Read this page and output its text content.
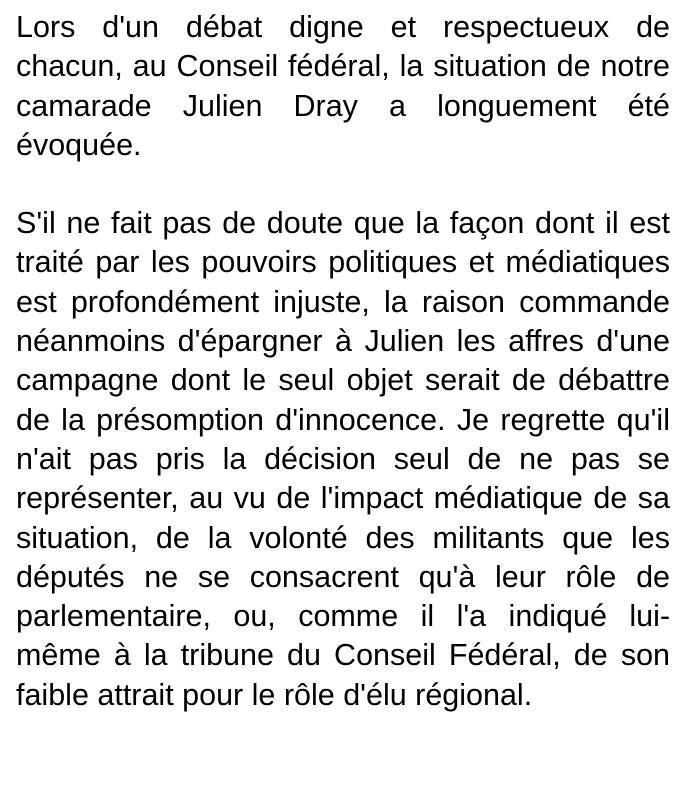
Lors d'un débat digne et respectueux de chacun, au Conseil fédéral, la situation de notre camarade Julien Dray a longuement été évoquée.

S'il ne fait pas de doute que la façon dont il est traité par les pouvoirs politiques et médiatiques est profondément injuste, la raison commande néanmoins d'épargner à Julien les affres d'une campagne dont le seul objet serait de débattre de la présomption d'innocence. Je regrette qu'il n'ait pas pris la décision seul de ne pas se représenter, au vu de l'impact médiatique de sa situation, de la volonté des militants que les députés ne se consacrent qu'à leur rôle de parlementaire, ou, comme il l'a indiqué lui-même à la tribune du Conseil Fédéral, de son faible attrait pour le rôle d'élu régional.
